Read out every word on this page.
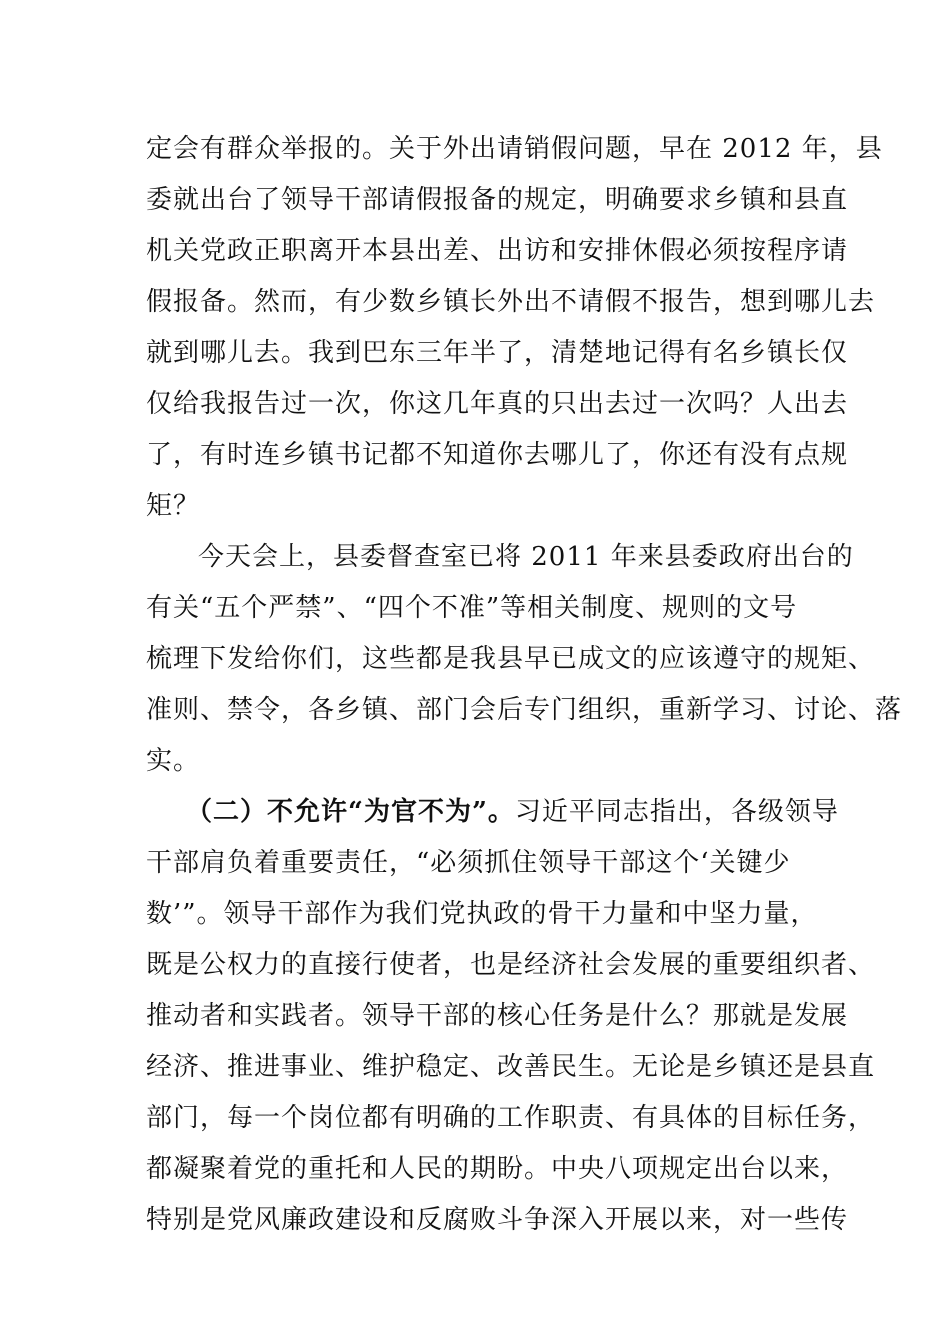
定会有群众举报的。关于外出请销假问题，早在 2012 年，县
委就出台了领导干部请假报备的规定，明确要求乡镇和县直
机关党政正职离开本县出差、出访和安排休假必须按程序请
假报备。然而，有少数乡镇长外出不请假不报告，想到哪儿去
就到哪儿去。我到巴东三年半了，清楚地记得有名乡镇长仅
仅给我报告过一次，你这几年真的只出去过一次吗？人出去
了，有时连乡镇书记都不知道你去哪儿了，你还有没有点规
矩？
今天会上，县委督查室已将 2011 年来县委政府出台的
有关“五个严禁”、“四个不准”等相关制度、规则的文号
梳理下发给你们，这些都是我县早已成文的应该遵守的规矩、
准则、禁令，各乡镇、部门会后专门组织，重新学习、讨论、落
实。
（二）不允许“为官不为”。习近平同志指出，各级领导
干部肩负着重要责任，“必须抓住领导干部这个‘关键少
数’”。领导干部作为我们党执政的骨干力量和中坚力量，
既是公权力的直接行使者，也是经济社会发展的重要组织者、
推动者和实践者。领导干部的核心任务是什么？那就是发展
经济、推进事业、维护稳定、改善民生。无论是乡镇还是县直
部门，每一个岗位都有明确的工作职责、有具体的目标任务，
都凝聚着党的重托和人民的期盼。中央八项规定出台以来，
特别是党风廉政建设和反腐败斗争深入开展以来，对一些传
